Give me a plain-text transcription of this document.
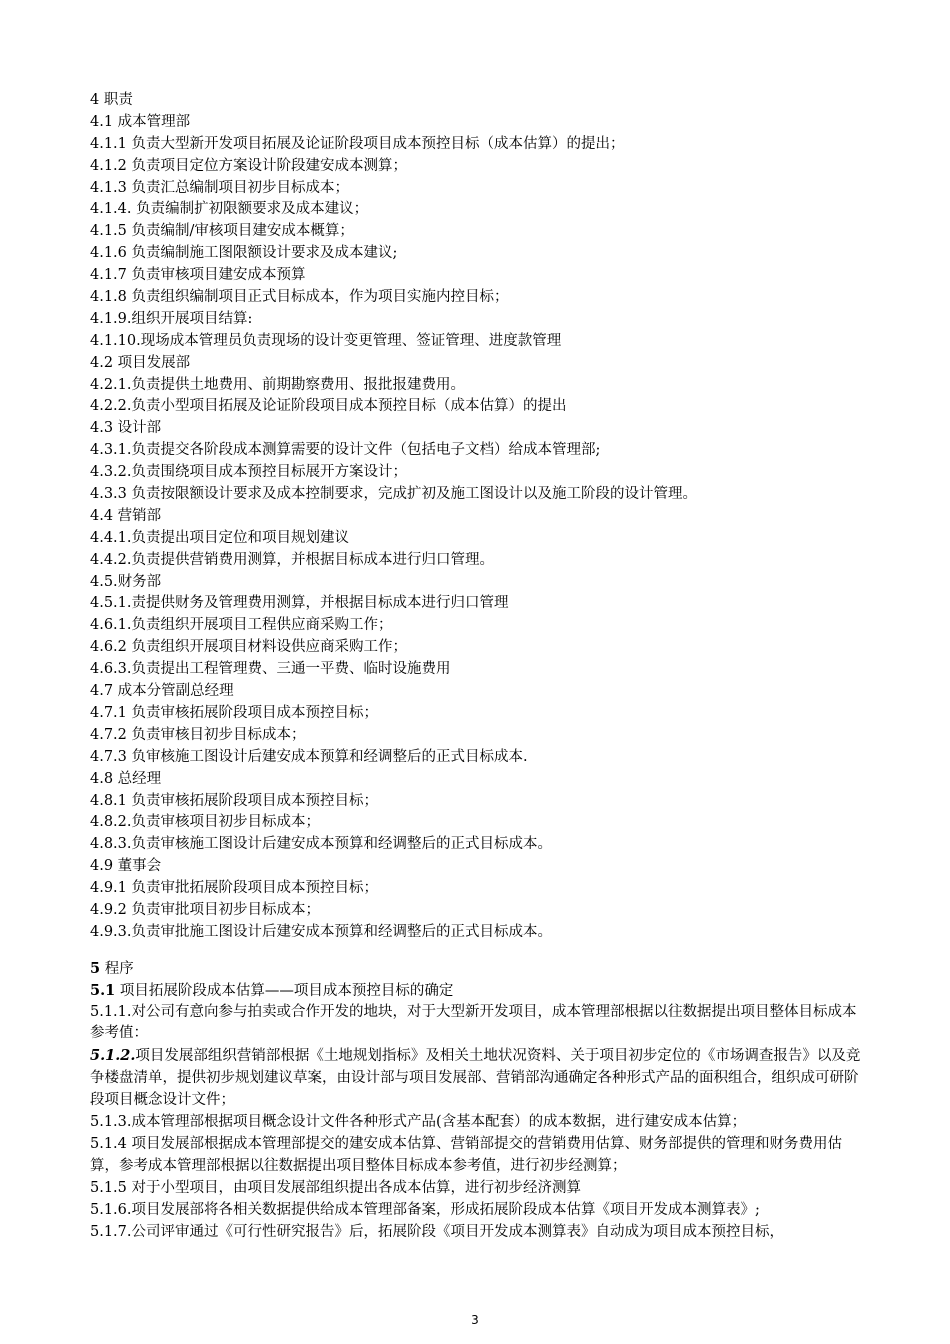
4 职责
4.1 成本管理部
4.1.1 负责大型新开发项目拓展及论证阶段项目成本预控目标（成本估算）的提出；
4.1.2 负责项目定位方案设计阶段建安成本测算；
4.1.3 负责汇总编制项目初步目标成本；
4.1.4. 负责编制扩初限额要求及成本建议；
4.1.5 负责编制/审核项目建安成本概算；
4.1.6 负责编制施工图限额设计要求及成本建议;
4.1.7 负责审核项目建安成本预算
4.1.8 负责组织编制项目正式目标成本，作为项目实施内控目标；
4.1.9.组织开展项目结算:
4.1.10.现场成本管理员负责现场的设计变更管理、签证管理、进度款管理
4.2 项目发展部
4.2.1.负责提供土地费用、前期勘察费用、报批报建费用。
4.2.2.负责小型项目拓展及论证阶段项目成本预控目标（成本估算）的提出
4.3 设计部
4.3.1.负责提交各阶段成本测算需要的设计文件（包括电子文档）给成本管理部;
4.3.2.负责围绕项目成本预控目标展开方案设计；
4.3.3 负责按限额设计要求及成本控制要求，完成扩初及施工图设计以及施工阶段的设计管理。
4.4 营销部
4.4.1.负责提出项目定位和项目规划建议
4.4.2.负责提供营销费用测算，并根据目标成本进行归口管理。
4.5.财务部
4.5.1.责提供财务及管理费用测算，并根据目标成本进行归口管理
4.6.1.负责组织开展项目工程供应商采购工作；
4.6.2 负责组织开展项目材料设供应商采购工作；
4.6.3.负责提出工程管理费、三通一平费、临时设施费用
4.7 成本分管副总经理
4.7.1 负责审核拓展阶段项目成本预控目标；
4.7.2 负责审核目初步目标成本；
4.7.3 负审核施工图设计后建安成本预算和经调整后的正式目标成本.
4.8 总经理
4.8.1 负责审核拓展阶段项目成本预控目标；
4.8.2.负责审核项目初步目标成本；
4.8.3.负责审核施工图设计后建安成本预算和经调整后的正式目标成本。
4.9 董事会
4.9.1 负责审批拓展阶段项目成本预控目标；
4.9.2 负责审批项目初步目标成本；
4.9.3.负责审批施工图设计后建安成本预算和经调整后的正式目标成本。
5 程序
5.1 项目拓展阶段成本估算——项目成本预控目标的确定
5.1.1.对公司有意向参与拍卖或合作开发的地块，对于大型新开发项目，成本管理部根据以往数据提出项目整体目标成本参考值：
5.1.2.项目发展部组织营销部根据《土地规划指标》及相关土地状况资料、关于项目初步定位的《市场调查报告》以及竞争楼盘清单，提供初步规划建议草案，由设计部与项目发展部、营销部沟通确定各种形式产品的面积组合，组织成可研阶段项目概念设计文件；
5.1.3.成本管理部根据项目概念设计文件各种形式产品(含基本配套）的成本数据，进行建安成本估算；
5.1.4 项目发展部根据成本管理部提交的建安成本估算、营销部提交的营销费用估算、财务部提供的管理和财务费用估算，参考成本管理部根据以往数据提出项目整体目标成本参考值，进行初步经测算；
5.1.5 对于小型项目，由项目发展部组织提出各成本估算，进行初步经济测算
5.1.6.项目发展部将各相关数据提供给成本管理部备案，形成拓展阶段成本估算《项目开发成本测算表》;
5.1.7.公司评审通过《可行性研究报告》后，拓展阶段《项目开发成本测算表》自动成为项目成本预控目标，
3
